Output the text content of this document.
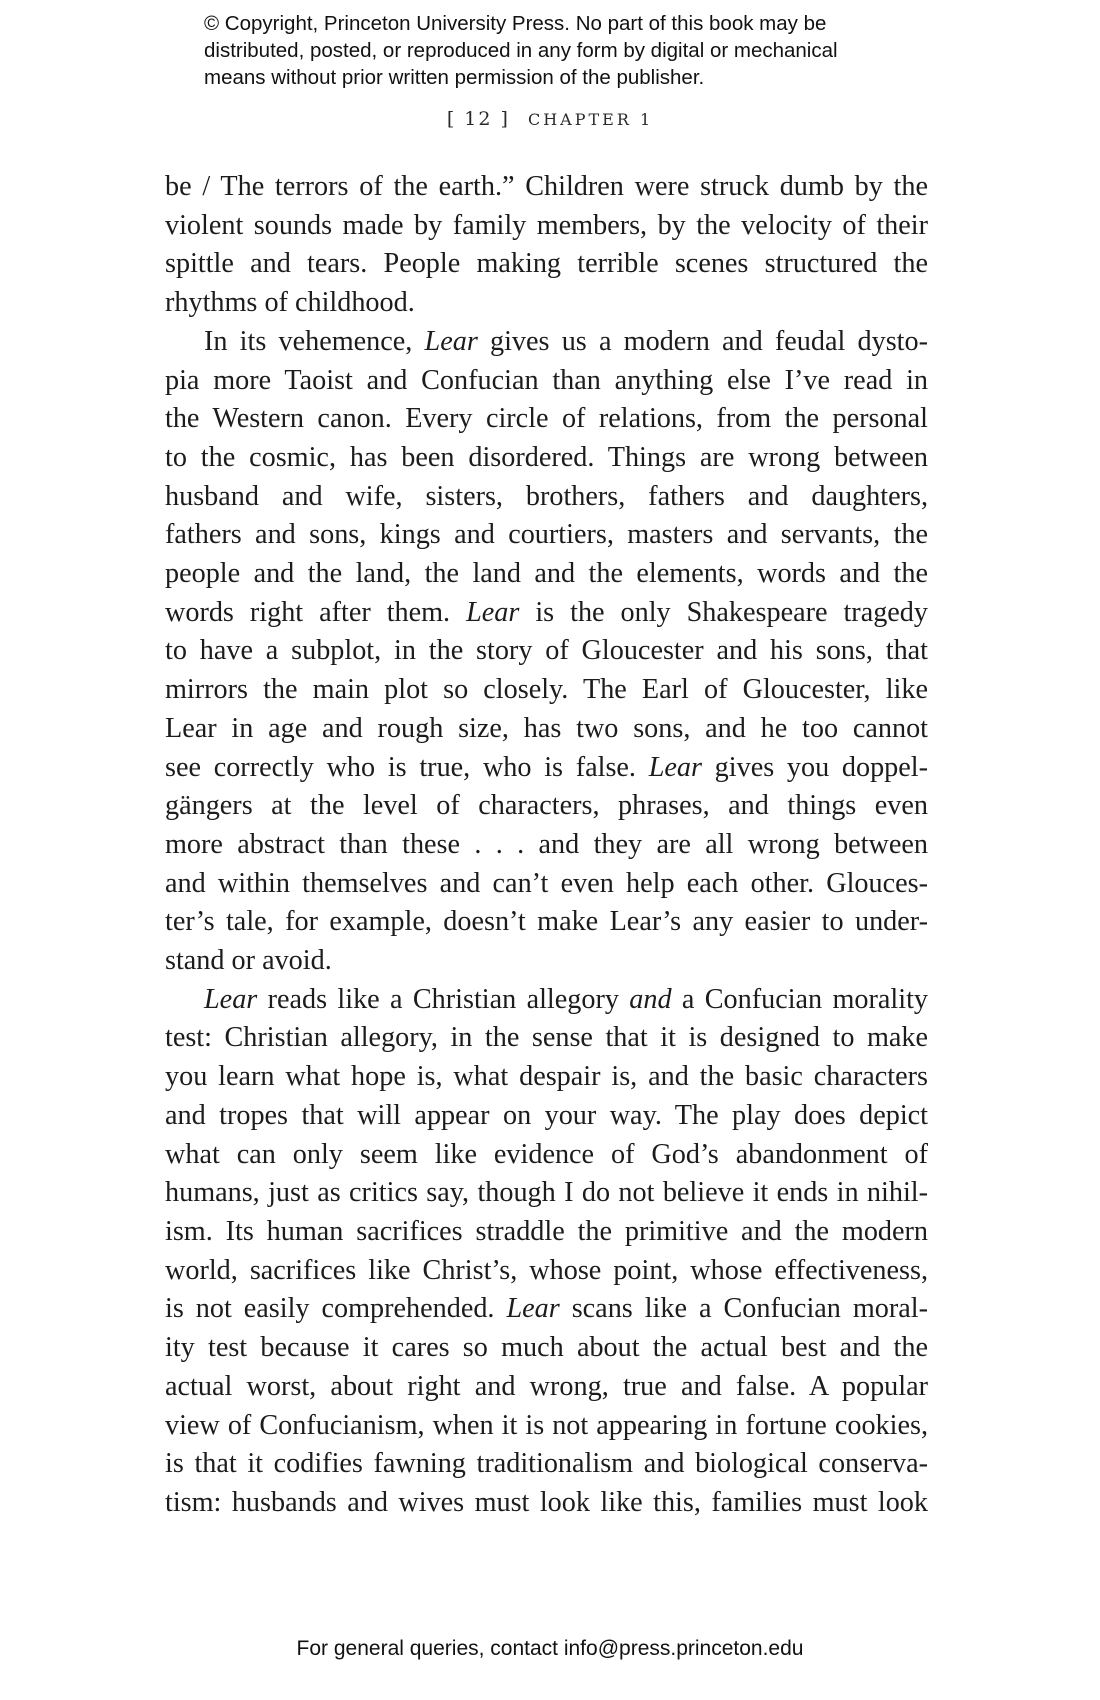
© Copyright, Princeton University Press. No part of this book may be
distributed, posted, or reproduced in any form by digital or mechanical
means without prior written permission of the publisher.
[ 12 ] CHAPTER 1
be / The terrors of the earth.” Children were struck dumb by the
violent sounds made by family members, by the velocity of their
spittle and tears. People making terrible scenes structured the
rhythms of childhood.
In its vehemence, Lear gives us a modern and feudal dysto-
pia more Taoist and Confucian than anything else I’ve read in
the Western canon. Every circle of relations, from the personal
to the cosmic, has been disordered. Things are wrong between
husband and wife, sisters, brothers, fathers and daughters,
fathers and sons, kings and courtiers, masters and servants, the
people and the land, the land and the elements, words and the
words right after them. Lear is the only Shakespeare tragedy
to have a subplot, in the story of Gloucester and his sons, that
mirrors the main plot so closely. The Earl of Gloucester, like
Lear in age and rough size, has two sons, and he too cannot
see correctly who is true, who is false. Lear gives you doppel-
gängers at the level of characters, phrases, and things even
more abstract than these . . . and they are all wrong between
and within themselves and can’t even help each other. Glouces-
ter’s tale, for example, doesn’t make Lear’s any easier to under-
stand or avoid.
Lear reads like a Christian allegory and a Confucian morality
test: Christian allegory, in the sense that it is designed to make
you learn what hope is, what despair is, and the basic characters
and tropes that will appear on your way. The play does depict
what can only seem like evidence of God’s abandonment of
humans, just as critics say, though I do not believe it ends in nihil-
ism. Its human sacrifices straddle the primitive and the modern
world, sacrifices like Christ’s, whose point, whose effectiveness,
is not easily comprehended. Lear scans like a Confucian moral-
ity test because it cares so much about the actual best and the
actual worst, about right and wrong, true and false. A popular
view of Confucianism, when it is not appearing in fortune cookies,
is that it codifies fawning traditionalism and biological conserva-
tism: husbands and wives must look like this, families must look
For general queries, contact info@press.princeton.edu
